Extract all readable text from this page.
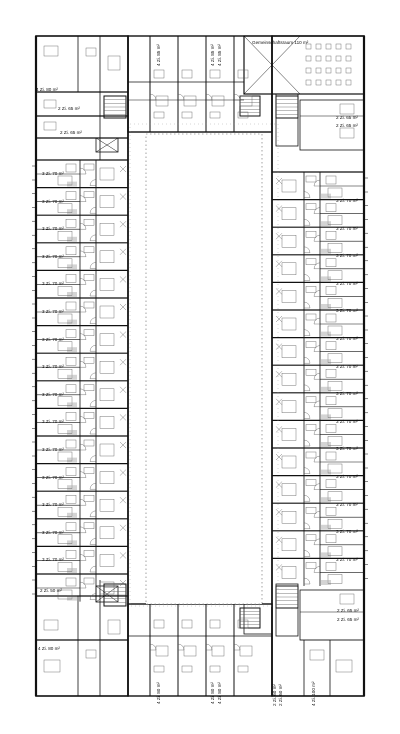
3 Zi. 70 m²
3 Zi. 70 m²
3 Zi. 70 m²
3 Zi. 70 m²
3 Zi. 70 m²
3 Zi. 70 m²
3 Zi. 70 m²
3 Zi. 70 m²
3 Zi. 70 m²
3 Zi. 70 m²
3 Zi. 70 m²
3 Zi. 70 m²
3 Zi. 70 m²
3 Zi. 70 m²
3 Zi. 70 m²
3 Zi. 70 m²
3 Zi. 70 m²
3 Zi. 70 m²
3 Zi. 70 m²
3 Zi. 70 m²
3 Zi. 70 m²
3 Zi. 70 m²
3 Zi. 70 m²
3 Zi. 70 m²
3 Zi. 70 m²
3 Zi. 70 m²
3 Zi. 70 m²
3 Zi. 70 m²
3 Zi. 70 m²
4 Zi. 80 m²
2 Zi. 65 m²
2 Zi. 65 m²
4 Zi. 85 m²	4 Zi. 85 m² 4 Zi. 85 m²
Gemeinschaftsraum 110 m²
2 Zi. 65 m²
2 Zi. 65 m²
2 Zi. 50 m²
4 Zi. 80 m²
2 Zi. 65 m²
2 Zi. 65 m²
4 Zi. 80 m²	4 Zi. 80 m² 4 Zi. 80 m²	2 Zi. 60 m² 2 Zi. 60 m²	4 Zi. 100 m²
